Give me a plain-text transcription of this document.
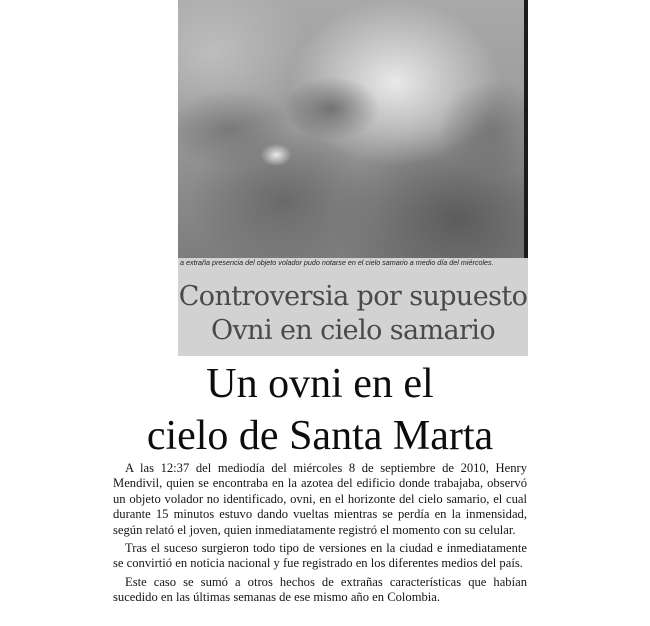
a extraña presencia del objeto volador pudo notarse en el cielo samario a medio día del miércoles.
Controversia por supuesto
Ovni en cielo samario
Un ovni en el
cielo de Santa Marta

A las 12:37 del mediodía del miércoles 8 de septiembre de 2010, Henry Mendivil, quien se encontraba en la azotea del edificio donde trabajaba, observó un objeto volador no identificado, ovni, en el horizonte del cielo samario, el cual durante 15 minutos estuvo dando vueltas mientras se perdía en la inmensidad, según relató el joven, quien inmediatamente registró el momento con su celular.

Tras el suceso surgieron todo tipo de versiones en la ciudad e inmediatamente se convirtió en noticia nacional y fue registrado en los diferentes medios del país.

Este caso se sumó a otros hechos de extrañas características que habían sucedido en las últimas semanas de ese mismo año en Colombia.
